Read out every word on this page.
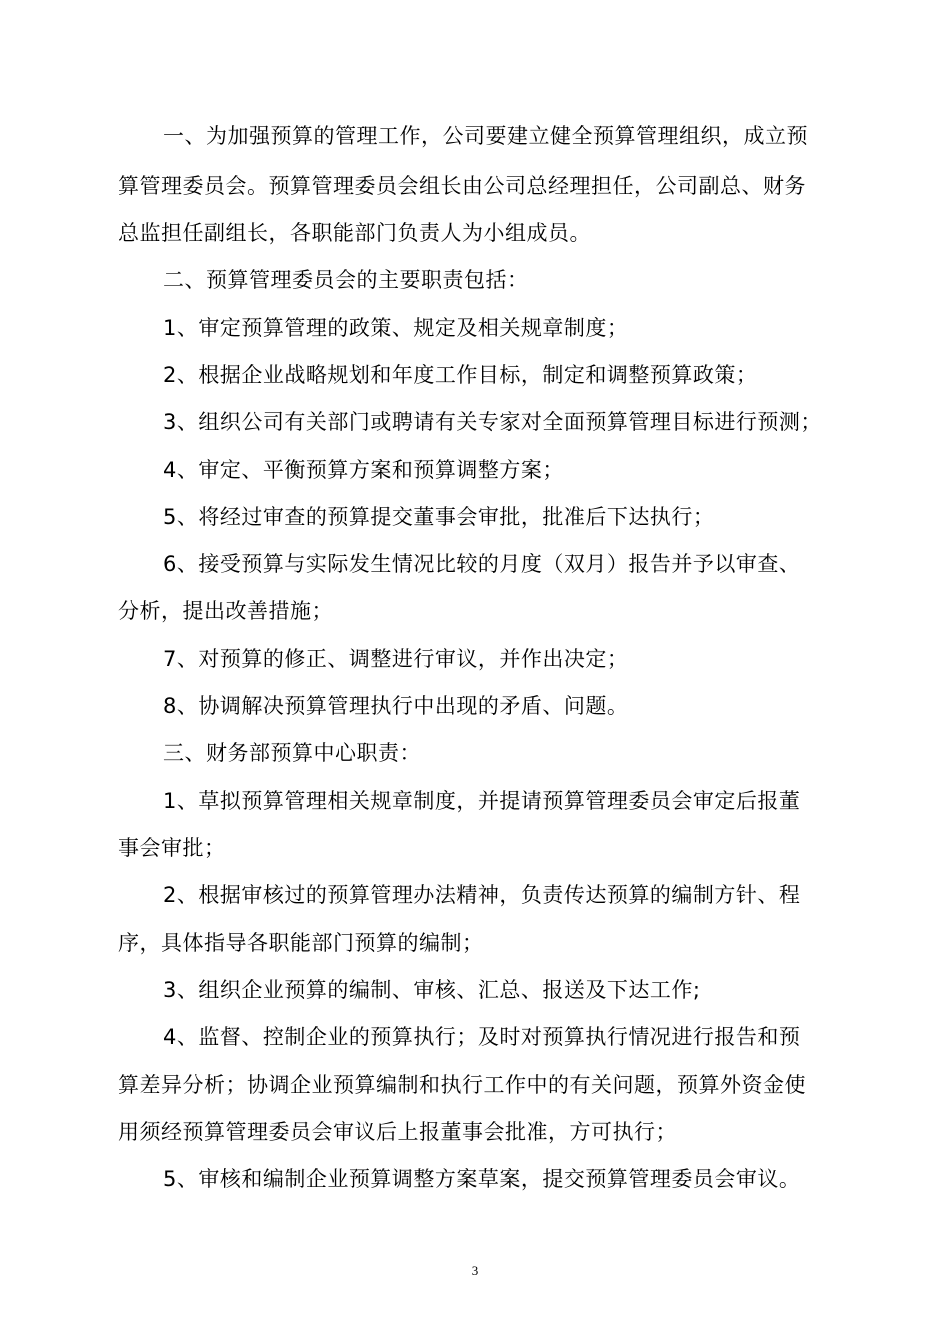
一、为加强预算的管理工作，公司要建立健全预算管理组织，成立预
算管理委员会。预算管理委员会组长由公司总经理担任，公司副总、财务
总监担任副组长，各职能部门负责人为小组成员。
二、预算管理委员会的主要职责包括：
1、审定预算管理的政策、规定及相关规章制度；
2、根据企业战略规划和年度工作目标，制定和调整预算政策；
3、组织公司有关部门或聘请有关专家对全面预算管理目标进行预测；
4、审定、平衡预算方案和预算调整方案；
5、将经过审查的预算提交董事会审批，批准后下达执行；
6、接受预算与实际发生情况比较的月度（双月）报告并予以审查、
分析，提出改善措施；
7、对预算的修正、调整进行审议，并作出决定；
8、协调解决预算管理执行中出现的矛盾、问题。
三、财务部预算中心职责：
1、草拟预算管理相关规章制度，并提请预算管理委员会审定后报董
事会审批；
2、根据审核过的预算管理办法精神，负责传达预算的编制方针、程
序，具体指导各职能部门预算的编制；
3、组织企业预算的编制、审核、汇总、报送及下达工作;
4、监督、控制企业的预算执行；及时对预算执行情况进行报告和预
算差异分析；协调企业预算编制和执行工作中的有关问题，预算外资金使
用须经预算管理委员会审议后上报董事会批准，方可执行；
5、审核和编制企业预算调整方案草案，提交预算管理委员会审议。
3
